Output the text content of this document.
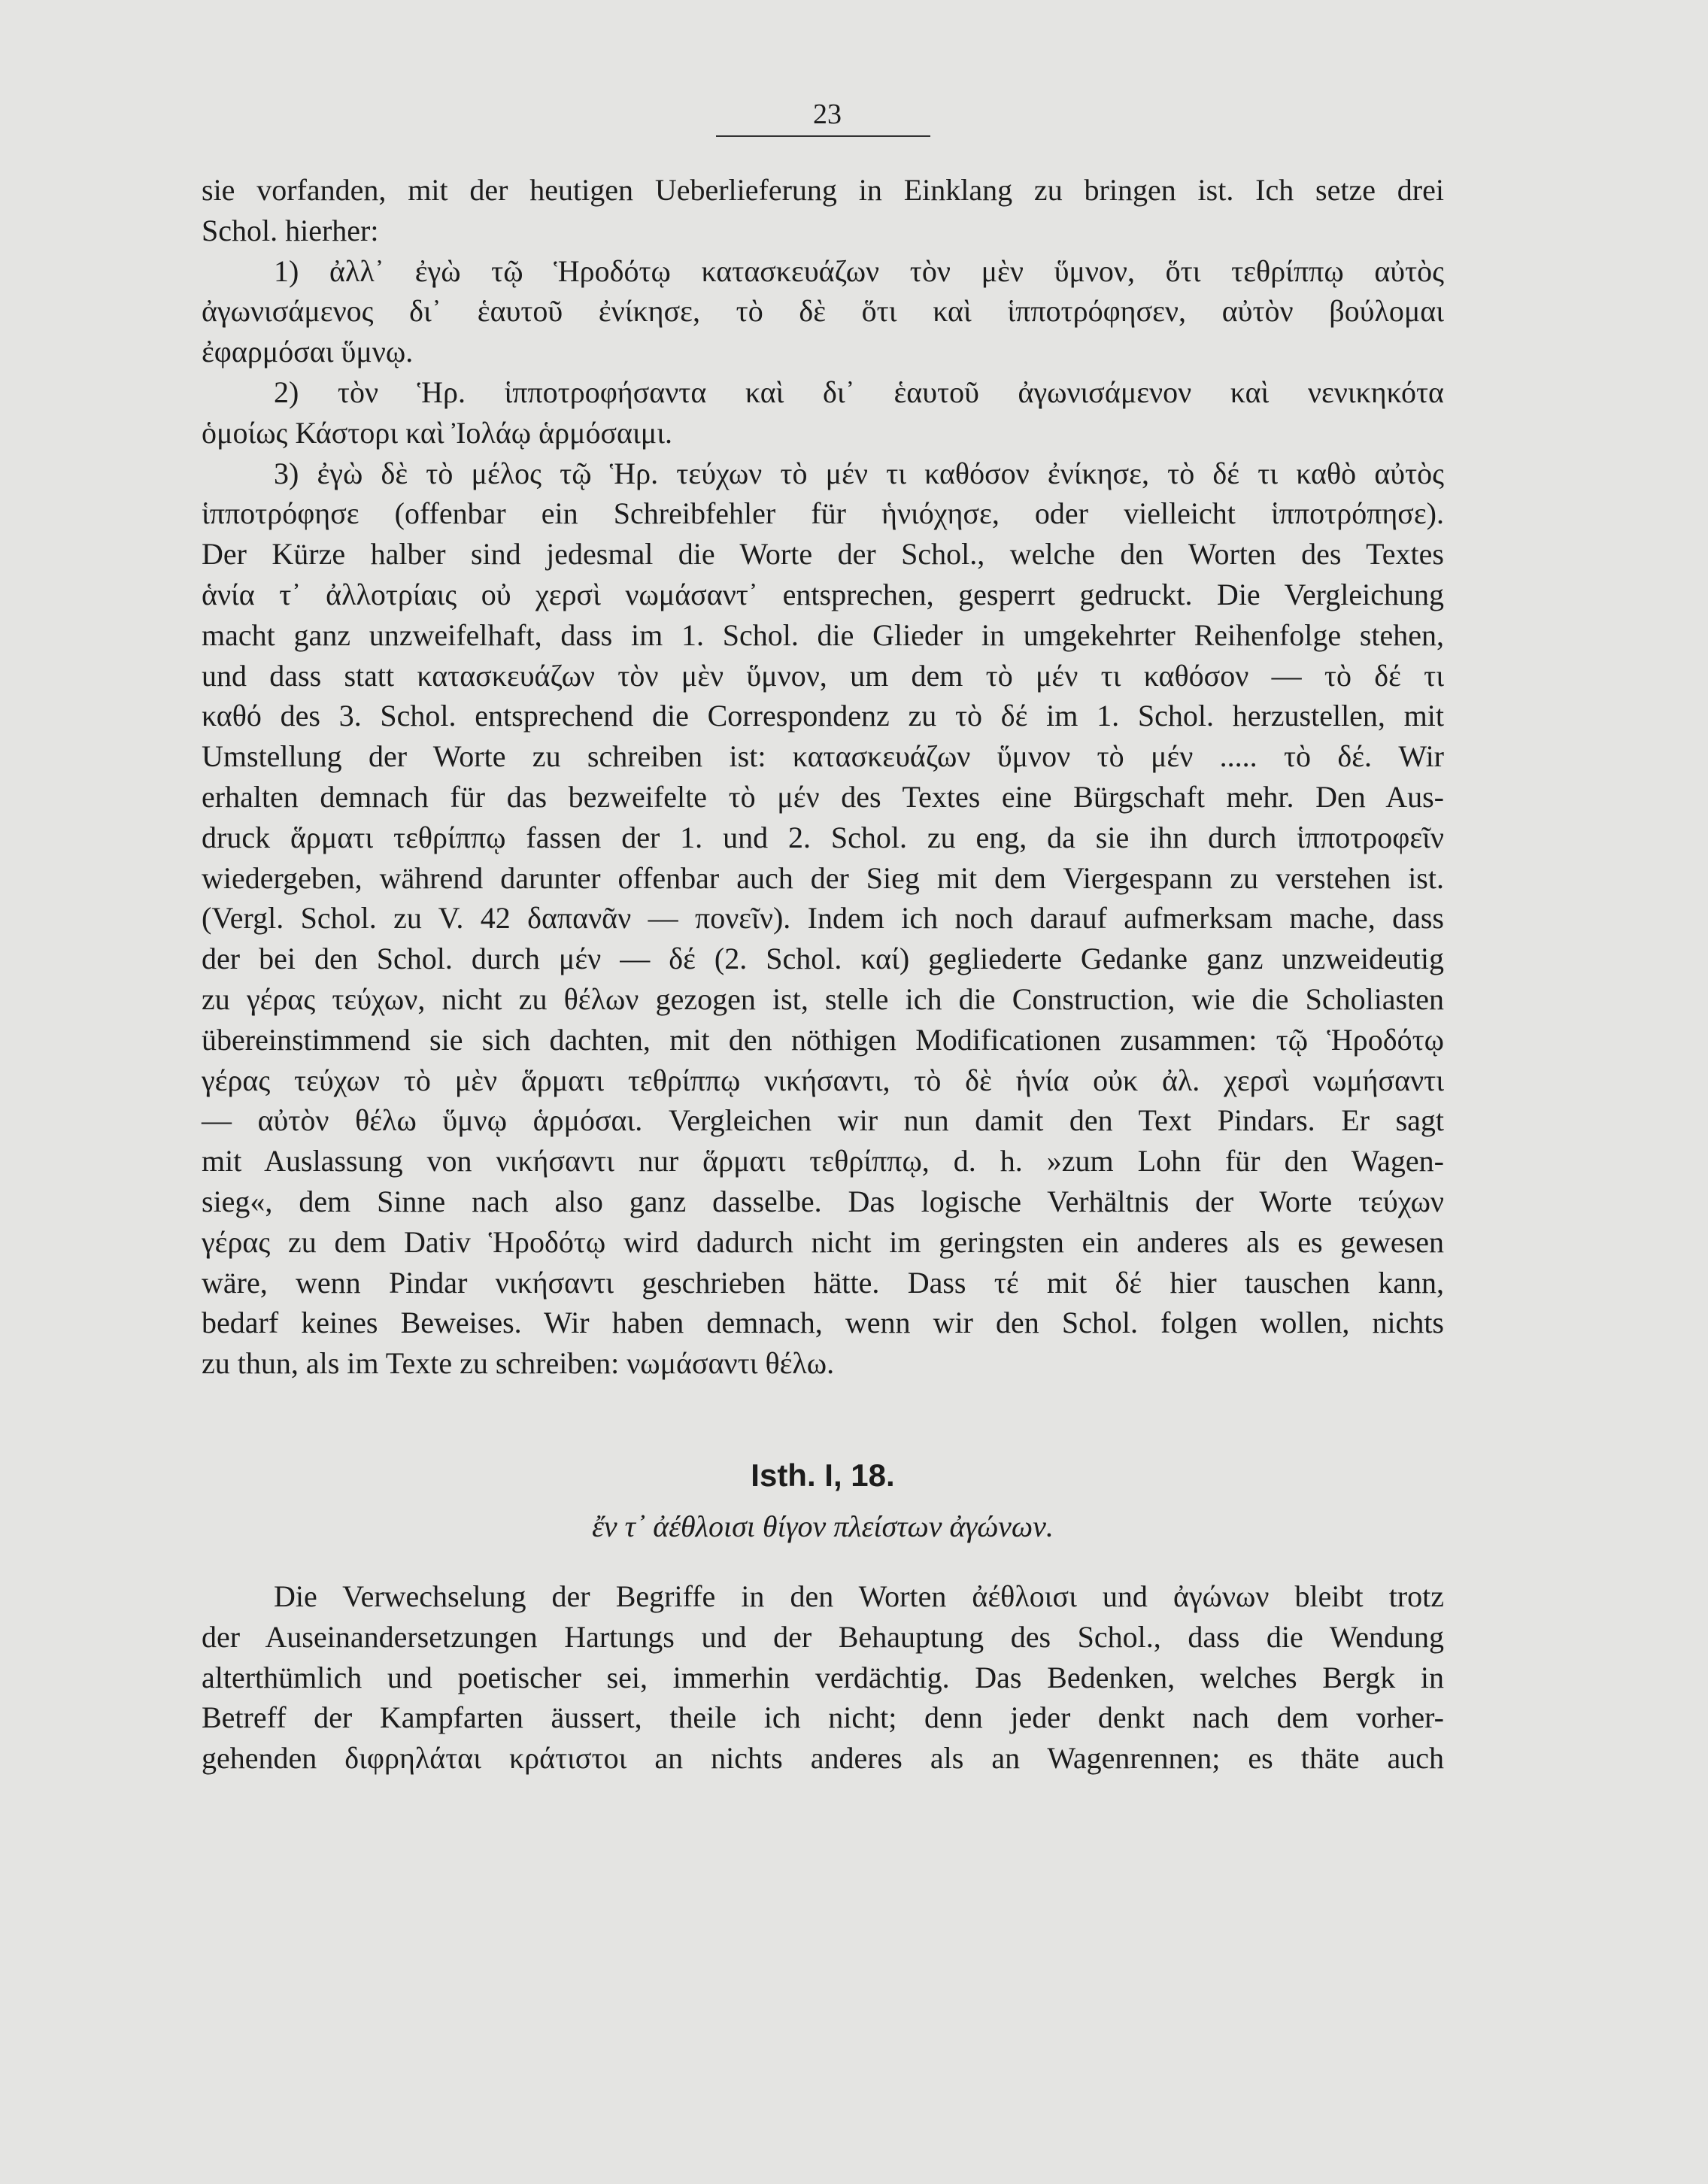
23
sie vorfanden, mit der heutigen Ueberlieferung in Einklang zu bringen ist. Ich setze drei
Schol. hierher:
1) ἀλλ᾽ ἐγὼ τῷ Ἡροδότῳ κατασκευάζων τὸν μὲν ὕμνον, ὅτι τεθρίππῳ αὐτὸς
ἀγωνισάμενος δι᾽ ἑαυτοῦ ἐνίκησε, τὸ δὲ ὅτι καὶ ἱπποτρόφησεν, αὐτὸν βούλομαι
ἐφαρμόσαι ὕμνῳ.
2) τὸν Ἡρ. ἱπποτροφήσαντα καὶ δι᾽ ἑαυτοῦ ἀγωνισάμενον καὶ νενικηκότα
ὁμοίως Κάστορι καὶ Ἰολάῳ ἁρμόσαιμι.
3) ἐγὼ δὲ τὸ μέλος τῷ Ἡρ. τεύχων τὸ μέν τι καθόσον ἐνίκησε, τὸ δέ τι καθὸ αὐτὸς
ἱπποτρόφησε (offenbar ein Schreibfehler für ἡνιόχησε, oder vielleicht ἱπποτρόπησε).
Der Kürze halber sind jedesmal die Worte der Schol., welche den Worten des Textes
ἁνία τ᾽ ἀλλοτρίαις οὐ χερσὶ νωμάσαντ᾽ entsprechen, gesperrt gedruckt. Die Vergleichung
macht ganz unzweifelhaft, dass im 1. Schol. die Glieder in umgekehrter Reihenfolge stehen,
und dass statt κατασκευάζων τὸν μὲν ὕμνον, um dem τὸ μέν τι καθόσον — τὸ δέ τι
καθό des 3. Schol. entsprechend die Correspondenz zu τὸ δέ im 1. Schol. herzustellen, mit
Umstellung der Worte zu schreiben ist: κατασκευάζων ὕμνον τὸ μέν ..... τὸ δέ. Wir
erhalten demnach für das bezweifelte τὸ μέν des Textes eine Bürgschaft mehr. Den Aus-
druck ἅρματι τεθρίππῳ fassen der 1. und 2. Schol. zu eng, da sie ihn durch ἱπποτροφεῖν
wiedergeben, während darunter offenbar auch der Sieg mit dem Viergespann zu verstehen ist.
(Vergl. Schol. zu V. 42 δαπανᾶν — πονεῖν). Indem ich noch darauf aufmerksam mache, dass
der bei den Schol. durch μέν — δέ (2. Schol. καί) gegliederte Gedanke ganz unzweideutig
zu γέρας τεύχων, nicht zu θέλων gezogen ist, stelle ich die Construction, wie die Scholiasten
übereinstimmend sie sich dachten, mit den nöthigen Modificationen zusammen: τῷ Ἡροδότῳ
γέρας τεύχων τὸ μὲν ἅρματι τεθρίππῳ νικήσαντι, τὸ δὲ ἡνία οὐκ ἀλ. χερσὶ νωμήσαντι
— αὐτὸν θέλω ὕμνῳ ἁρμόσαι. Vergleichen wir nun damit den Text Pindars. Er sagt
mit Auslassung von νικήσαντι nur ἅρματι τεθρίππῳ, d. h. »zum Lohn für den Wagen-
sieg«, dem Sinne nach also ganz dasselbe. Das logische Verhältnis der Worte τεύχων
γέρας zu dem Dativ Ἡροδότῳ wird dadurch nicht im geringsten ein anderes als es gewesen
wäre, wenn Pindar νικήσαντι geschrieben hätte. Dass τέ mit δέ hier tauschen kann,
bedarf keines Beweises. Wir haben demnach, wenn wir den Schol. folgen wollen, nichts
zu thun, als im Texte zu schreiben: νωμάσαντι θέλω.
Isth. I, 18.
ἔν τ᾽ ἀέθλοισι θίγον πλείστων ἀγώνων.
Die Verwechselung der Begriffe in den Worten ἀέθλοισι und ἀγώνων bleibt trotz
der Auseinandersetzungen Hartungs und der Behauptung des Schol., dass die Wendung
alterthümlich und poetischer sei, immerhin verdächtig. Das Bedenken, welches Bergk in
Betreff der Kampfarten äussert, theile ich nicht; denn jeder denkt nach dem vorher-
gehenden διφρηλάται κράτιστοι an nichts anderes als an Wagenrennen; es thäte auch
